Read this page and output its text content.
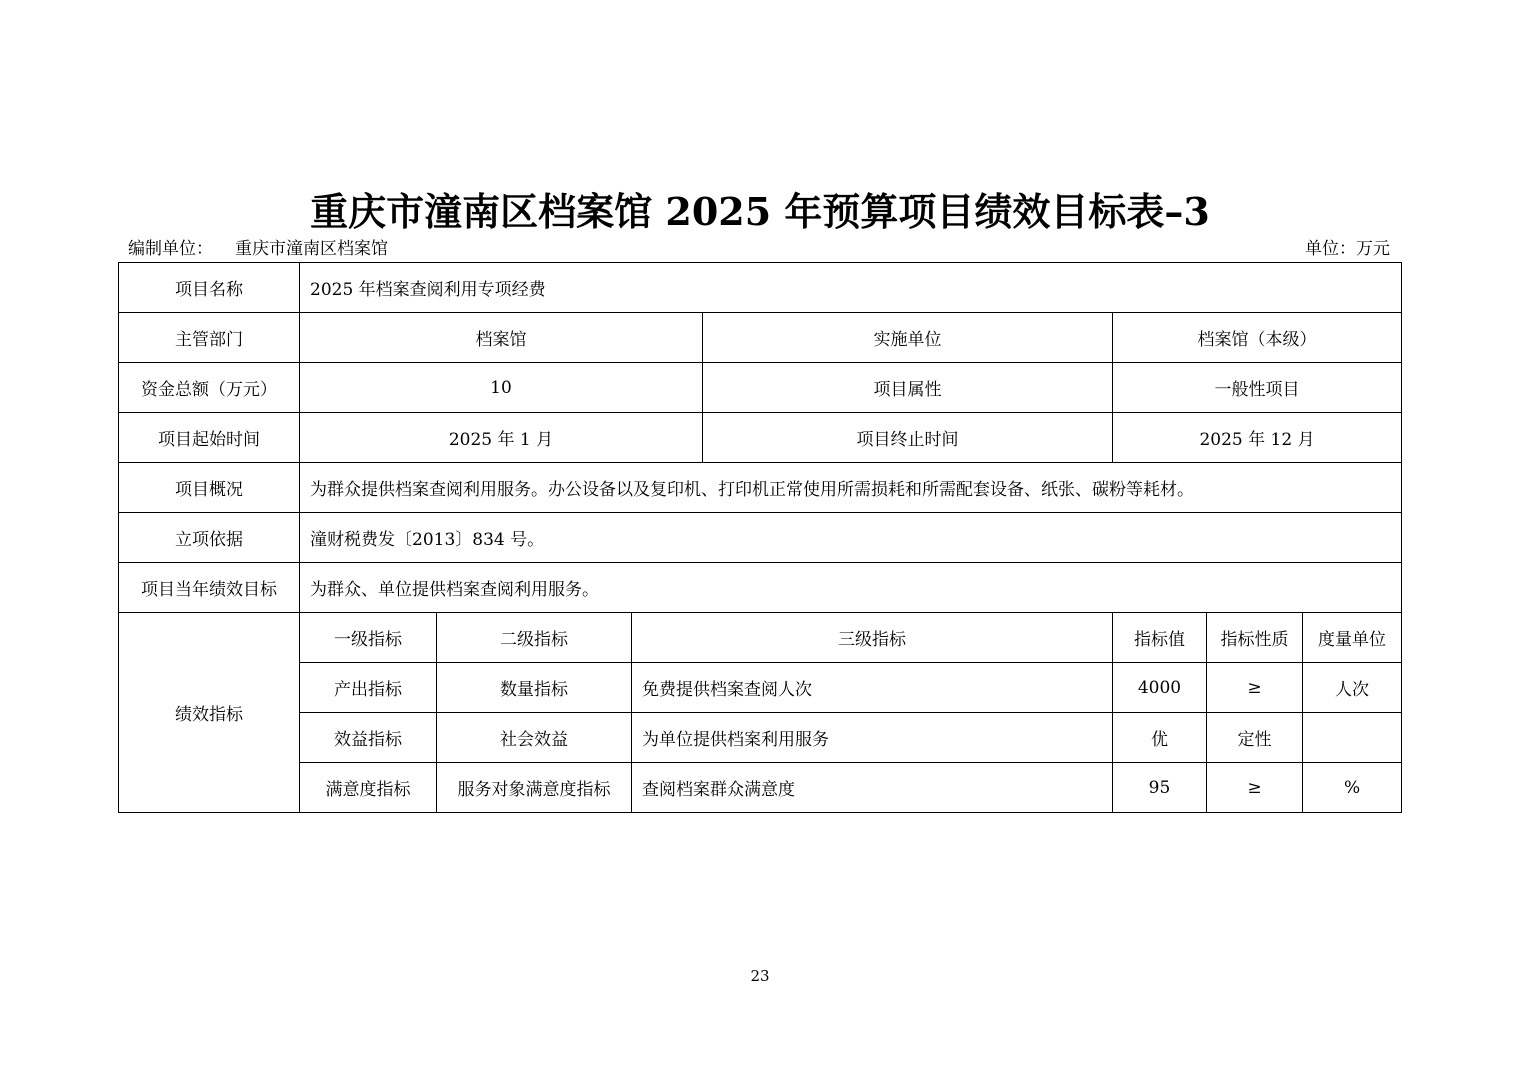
重庆市潼南区档案馆 2025 年预算项目绩效目标表–3
编制单位： 重庆市潼南区档案馆	单位：万元
项目名称	2025 年档案查阅利用专项经费						
主管部门	档案馆			实施单位	档案馆（本级）		
资金总额（万元）	10			项目属性	一般性项目		
项目起始时间	2025 年 1 月			项目终止时间	2025 年 12 月		
项目概况	为群众提供档案查阅利用服务。办公设备以及复印机、打印机正常使用所需损耗和所需配套设备、纸张、碳粉等耗材。						
立项依据	潼财税费发〔2013〕834 号。						
项目当年绩效目标	为群众、单位提供档案查阅利用服务。						
绩效指标	一级指标	二级指标	三级指标		指标值	指标性质	度量单位
	产出指标	数量指标	免费提供档案查阅人次		4000	≥	人次
	效益指标	社会效益	为单位提供档案利用服务		优	定性	
	满意度指标	服务对象满意度指标	查阅档案群众满意度		95	≥	%
23
